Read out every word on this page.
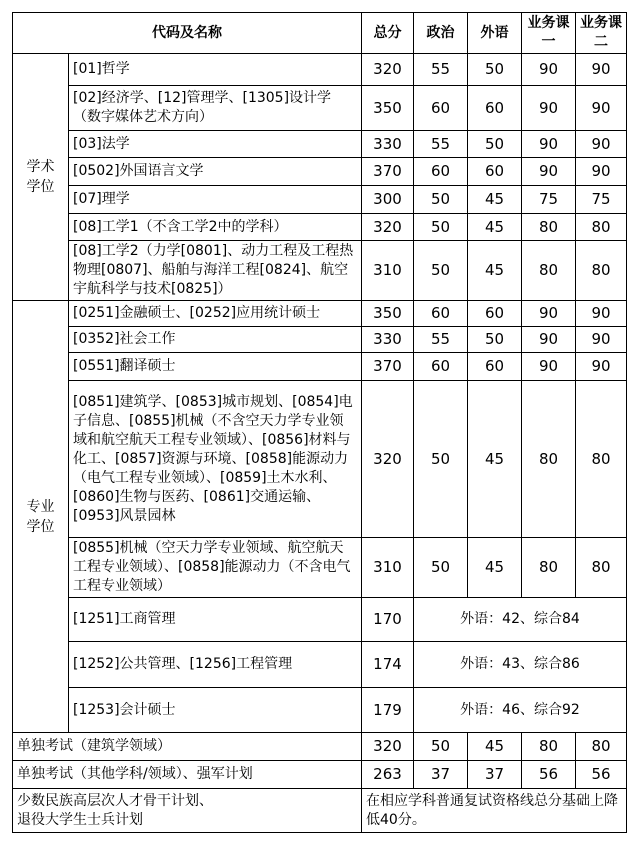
代码及名称		总分	政治	外语	业务课一	业务课二

学术学位	[01]哲学	320	55	50	90	90
	[02]经济学、[12]管理学、[1305]设计学（数字媒体艺术方向）	350	60	60	90	90
	[03]法学	330	55	50	90	90
	[0502]外国语言文学	370	60	60	90	90
	[07]理学	300	50	45	75	75
	[08]工学1（不含工学2中的学科）	320	50	45	80	80
	[08]工学2（力学[0801]、动力工程及工程热物理[0807]、船舶与海洋工程[0824]、航空宇航科学与技术[0825]）	310	50	45	80	80

专业学位	[0251]金融硕士、[0252]应用统计硕士	350	60	60	90	90
	[0352]社会工作	330	55	50	90	90
	[0551]翻译硕士	370	60	60	90	90
	[0851]建筑学、[0853]城市规划、[0854]电子信息、[0855]机械（不含空天力学专业领域和航空航天工程专业领域）、[0856]材料与化工、[0857]资源与环境、[0858]能源动力（电气工程专业领域）、[0859]土木水利、[0860]生物与医药、[0861]交通运输、[0953]风景园林	320	50	45	80	80
	[0855]机械（空天力学专业领域、航空航天工程专业领域）、[0858]能源动力（不含电气工程专业领域）	310	50	45	80	80
	[1251]工商管理	170	外语：42、综合84			
	[1252]公共管理、[1256]工程管理	174	外语：43、综合86			
	[1253]会计硕士	179	外语：46、综合92			
单独考试（建筑学领域）		320	50	45	80	80
单独考试（其他学科/领域）、强军计划		263	37	37	56	56

少数民族高层次人才骨干计划、退役大学生士兵计划		在相应学科普通复试资格线总分基础上降低40分。				
